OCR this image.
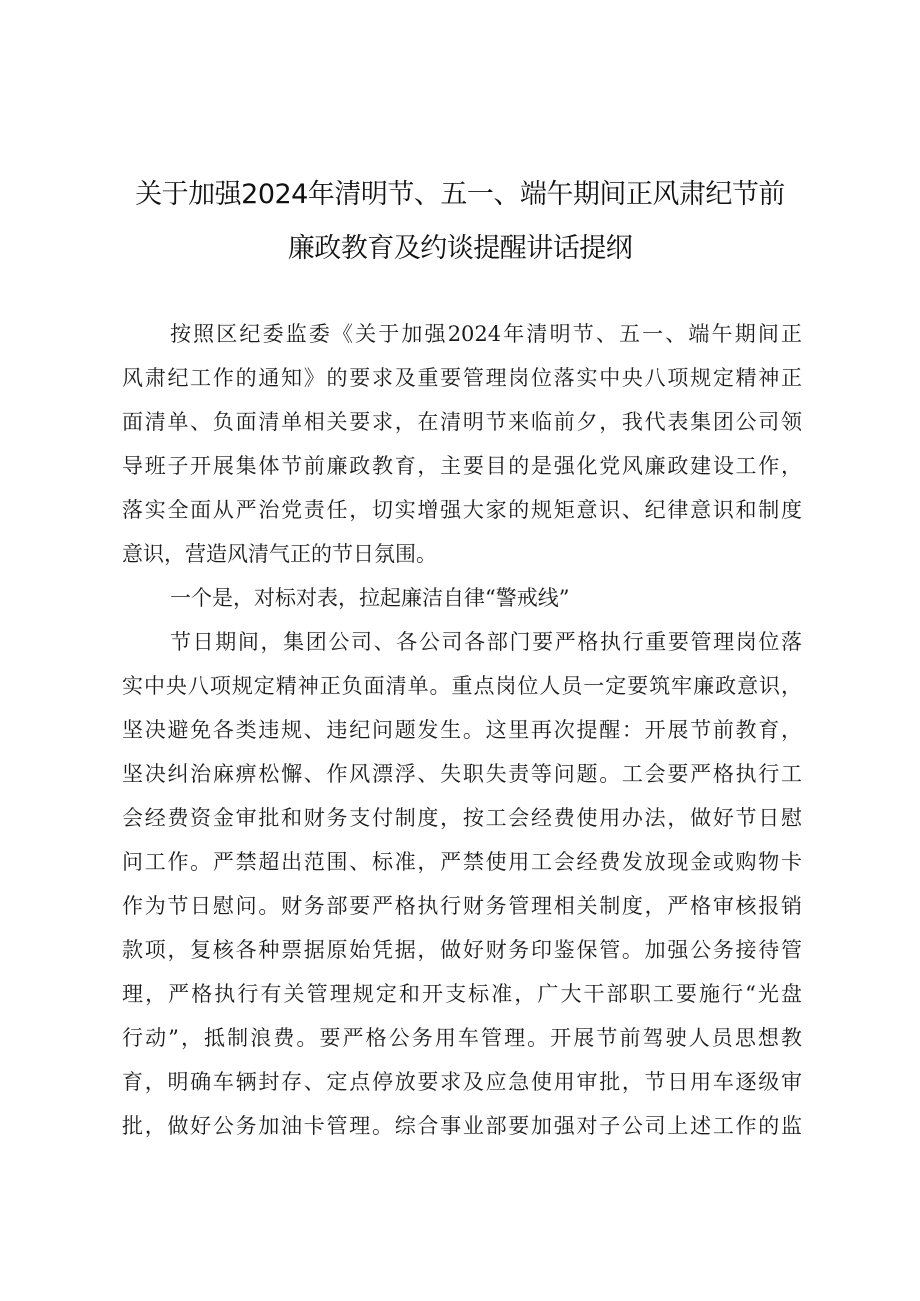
关于加强2024年清明节、五一、端午期间正风肃纪节前
廉政教育及约谈提醒讲话提纲
按照区纪委监委《关于加强2024年清明节、五一、端午期间正
风肃纪工作的通知》的要求及重要管理岗位落实中央八项规定精神正
面清单、负面清单相关要求，在清明节来临前夕，我代表集团公司领
导班子开展集体节前廉政教育，主要目的是强化党风廉政建设工作，
落实全面从严治党责任，切实增强大家的规矩意识、纪律意识和制度
意识，营造风清气正的节日氛围。
一个是，对标对表，拉起廉洁自律“警戒线”
节日期间，集团公司、各公司各部门要严格执行重要管理岗位落
实中央八项规定精神正负面清单。重点岗位人员一定要筑牢廉政意识，
坚决避免各类违规、违纪问题发生。这里再次提醒：开展节前教育，
坚决纠治麻痹松懈、作风漂浮、失职失责等问题。工会要严格执行工
会经费资金审批和财务支付制度，按工会经费使用办法，做好节日慰
问工作。严禁超出范围、标准，严禁使用工会经费发放现金或购物卡
作为节日慰问。财务部要严格执行财务管理相关制度，严格审核报销
款项，复核各种票据原始凭据，做好财务印鉴保管。加强公务接待管
理，严格执行有关管理规定和开支标准，广大干部职工要施行“光盘
行动”，抵制浪费。要严格公务用车管理。开展节前驾驶人员思想教
育，明确车辆封存、定点停放要求及应急使用审批，节日用车逐级审
批，做好公务加油卡管理。综合事业部要加强对子公司上述工作的监
